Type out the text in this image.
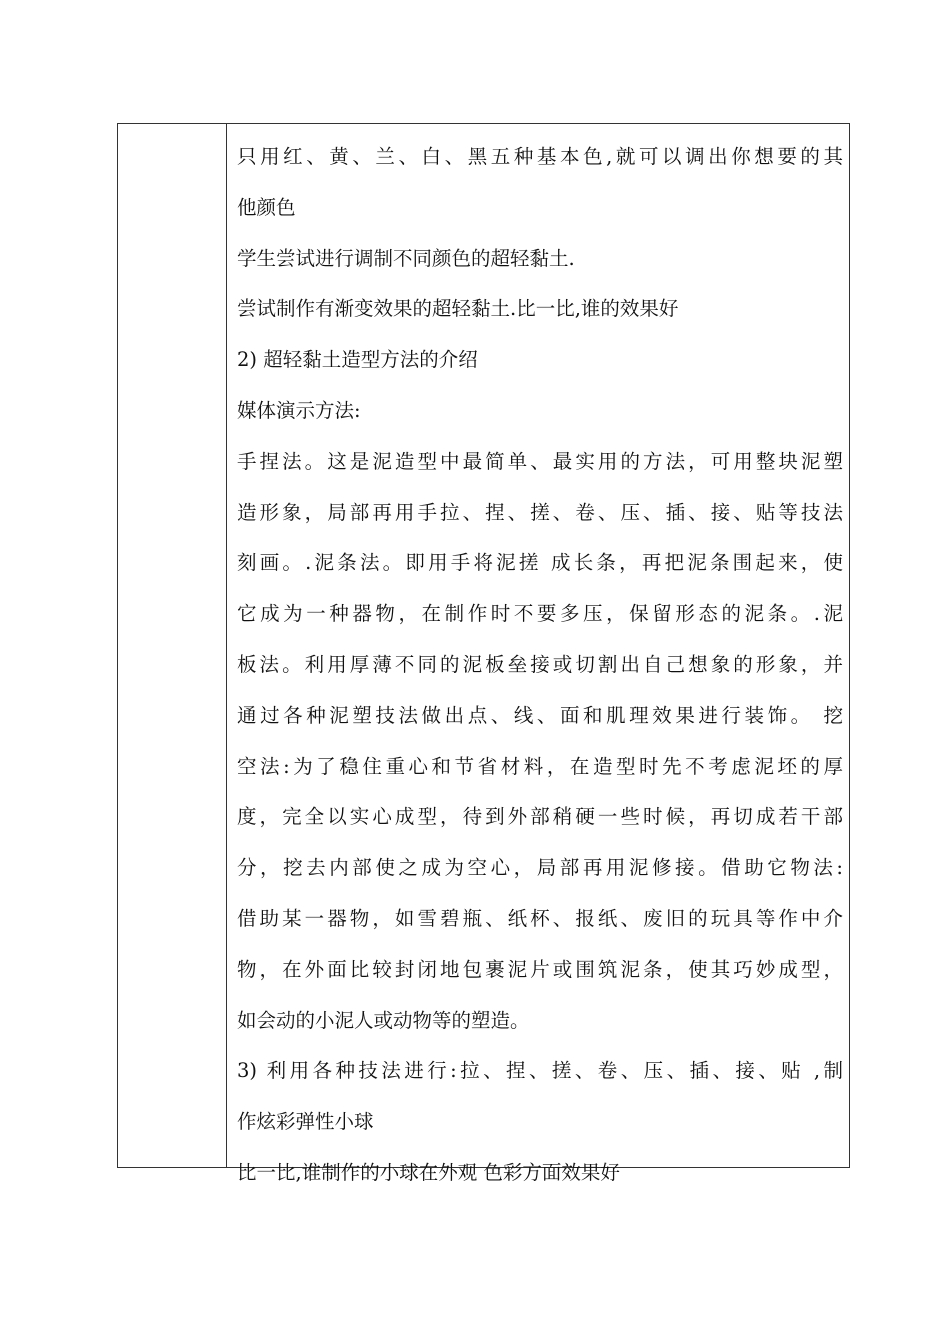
只用红、黄、兰、白、黑五种基本色,就可以调出你想要的其
他颜色
学生尝试进行调制不同颜色的超轻黏土.
尝试制作有渐变效果的超轻黏土.比一比,谁的效果好
2) 超轻黏土造型方法的介绍
媒体演示方法:
手捏法。这是泥造型中最简单、最实用的方法，可用整块泥塑
造形象，局部再用手拉、捏、搓、卷、压、插、接、贴等技法
刻画。.泥条法。即用手将泥搓 成长条，再把泥条围起来，使
它成为一种器物，在制作时不要多压，保留形态的泥条。.泥
板法。利用厚薄不同的泥板垒接或切割出自己想象的形象，并
通过各种泥塑技法做出点、线、面和肌理效果进行装饰。 挖
空法:为了稳住重心和节省材料，在造型时先不考虑泥坯的厚
度，完全以实心成型，待到外部稍硬一些时候，再切成若干部
分，挖去内部使之成为空心，局部再用泥修接。借助它物法:
借助某一器物，如雪碧瓶、纸杯、报纸、废旧的玩具等作中介
物，在外面比较封闭地包裹泥片或围筑泥条，使其巧妙成型，
如会动的小泥人或动物等的塑造。
3) 利用各种技法进行:拉、捏、搓、卷、压、插、接、贴 ,制
作炫彩弹性小球
比一比,谁制作的小球在外观 色彩方面效果好
